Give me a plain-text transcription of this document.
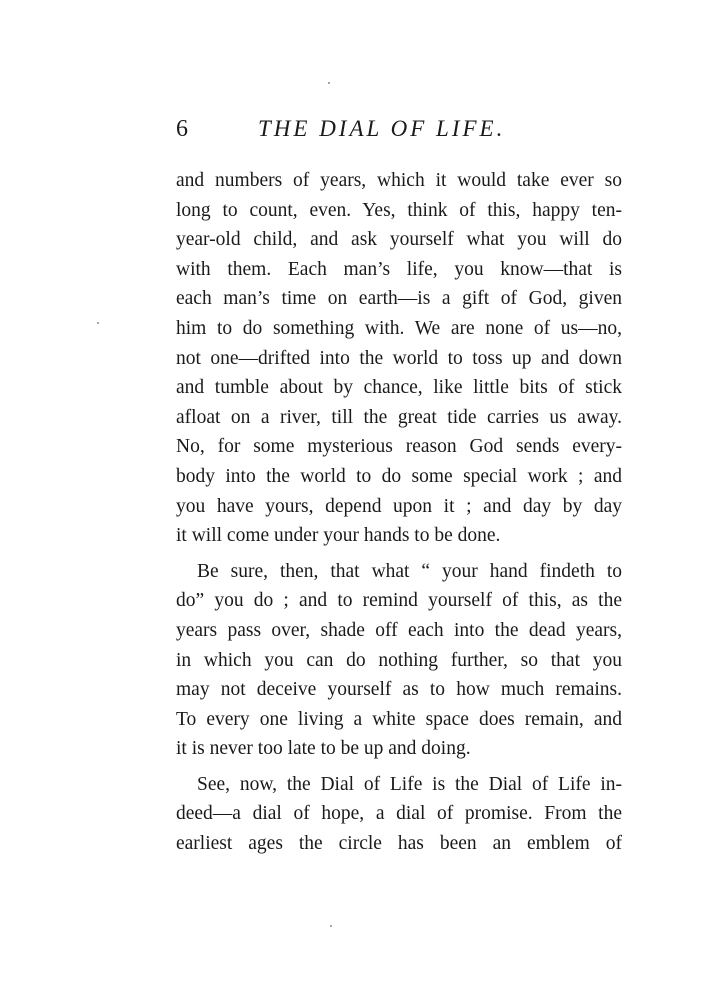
6	THE DIAL OF LIFE.
and numbers of years, which it would take ever so
long to count, even. Yes, think of this, happy ten-
year-old child, and ask yourself what you will do
with them. Each man’s life, you know—that is
each man’s time on earth—is a gift of God, given
him to do something with. We are none of us—no,
not one—drifted into the world to toss up and down
and tumble about by chance, like little bits of stick
afloat on a river, till the great tide carries us away.
No, for some mysterious reason God sends every-
body into the world to do some special work ; and
you have yours, depend upon it ; and day by day
it will come under your hands to be done.
Be sure, then, that what “ your hand findeth to
do” you do ; and to remind yourself of this, as the
years pass over, shade off each into the dead years,
in which you can do nothing further, so that you
may not deceive yourself as to how much remains.
To every one living a white space does remain, and
it is never too late to be up and doing.
See, now, the Dial of Life is the Dial of Life in-
deed—a dial of hope, a dial of promise. From the
earliest ages the circle has been an emblem of
